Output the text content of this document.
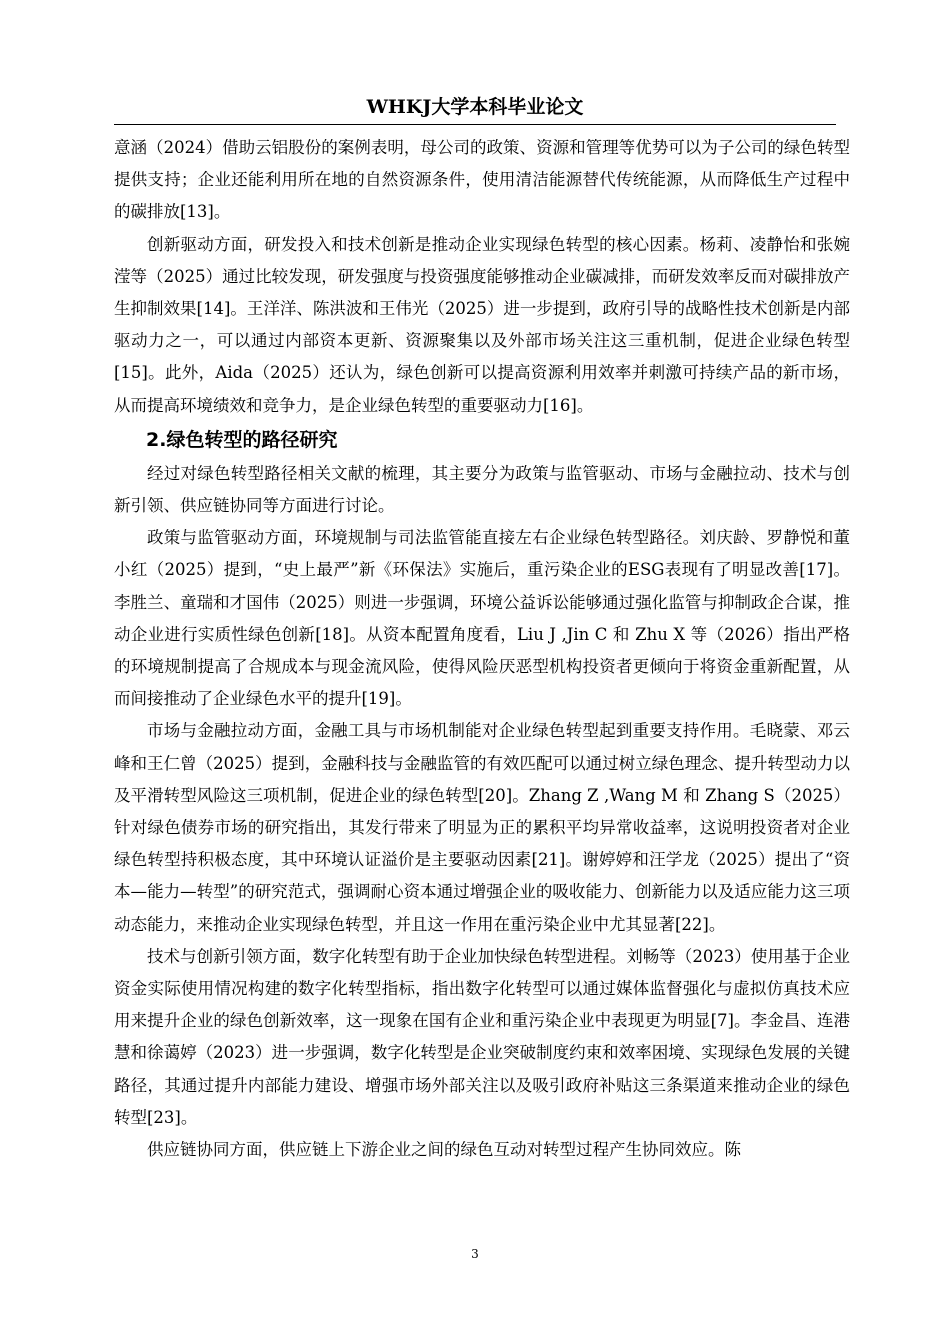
WHKJ大学本科毕业论文

意涵（2024）借助云铝股份的案例表明，母公司的政策、资源和管理等优势可以为子公司的绿色转型提供支持；企业还能利用所在地的自然资源条件，使用清洁能源替代传统能源，从而降低生产过程中的碳排放[13]。

创新驱动方面，研发投入和技术创新是推动企业实现绿色转型的核心因素。杨莉、凌静怡和张婉滢等（2025）通过比较发现，研发强度与投资强度能够推动企业碳减排，而研发效率反而对碳排放产生抑制效果[14]。王洋洋、陈洪波和王伟光（2025）进一步提到，政府引导的战略性技术创新是内部驱动力之一，可以通过内部资本更新、资源聚集以及外部市场关注这三重机制，促进企业绿色转型[15]。此外，Aida（2025）还认为，绿色创新可以提高资源利用效率并刺激可持续产品的新市场，从而提高环境绩效和竞争力，是企业绿色转型的重要驱动力[16]。

2.绿色转型的路径研究

经过对绿色转型路径相关文献的梳理，其主要分为政策与监管驱动、市场与金融拉动、技术与创新引领、供应链协同等方面进行讨论。

政策与监管驱动方面，环境规制与司法监管能直接左右企业绿色转型路径。刘庆龄、罗静悦和董小红（2025）提到，“史上最严”新《环保法》实施后，重污染企业的ESG表现有了明显改善[17]。李胜兰、童瑞和才国伟（2025）则进一步强调，环境公益诉讼能够通过强化监管与抑制政企合谋，推动企业进行实质性绿色创新[18]。从资本配置角度看，Liu J ,Jin C 和 Zhu X 等（2026）指出严格的环境规制提高了合规成本与现金流风险，使得风险厌恶型机构投资者更倾向于将资金重新配置，从而间接推动了企业绿色水平的提升[19]。

市场与金融拉动方面，金融工具与市场机制能对企业绿色转型起到重要支持作用。毛晓蒙、邓云峰和王仁曾（2025）提到，金融科技与金融监管的有效匹配可以通过树立绿色理念、提升转型动力以及平滑转型风险这三项机制，促进企业的绿色转型[20]。Zhang Z ,Wang M 和 Zhang S（2025）针对绿色债券市场的研究指出，其发行带来了明显为正的累积平均异常收益率，这说明投资者对企业绿色转型持积极态度，其中环境认证溢价是主要驱动因素[21]。谢婷婷和汪学龙（2025）提出了“资本—能力—转型”的研究范式，强调耐心资本通过增强企业的吸收能力、创新能力以及适应能力这三项动态能力，来推动企业实现绿色转型，并且这一作用在重污染企业中尤其显著[22]。

技术与创新引领方面，数字化转型有助于企业加快绿色转型进程。刘畅等（2023）使用基于企业资金实际使用情况构建的数字化转型指标，指出数字化转型可以通过媒体监督强化与虚拟仿真技术应用来提升企业的绿色创新效率，这一现象在国有企业和重污染企业中表现更为明显[7]。李金昌、连港慧和徐蔼婷（2023）进一步强调，数字化转型是企业突破制度约束和效率困境、实现绿色发展的关键路径，其通过提升内部能力建设、增强市场外部关注以及吸引政府补贴这三条渠道来推动企业的绿色转型[23]。

供应链协同方面，供应链上下游企业之间的绿色互动对转型过程产生协同效应。陈

3
